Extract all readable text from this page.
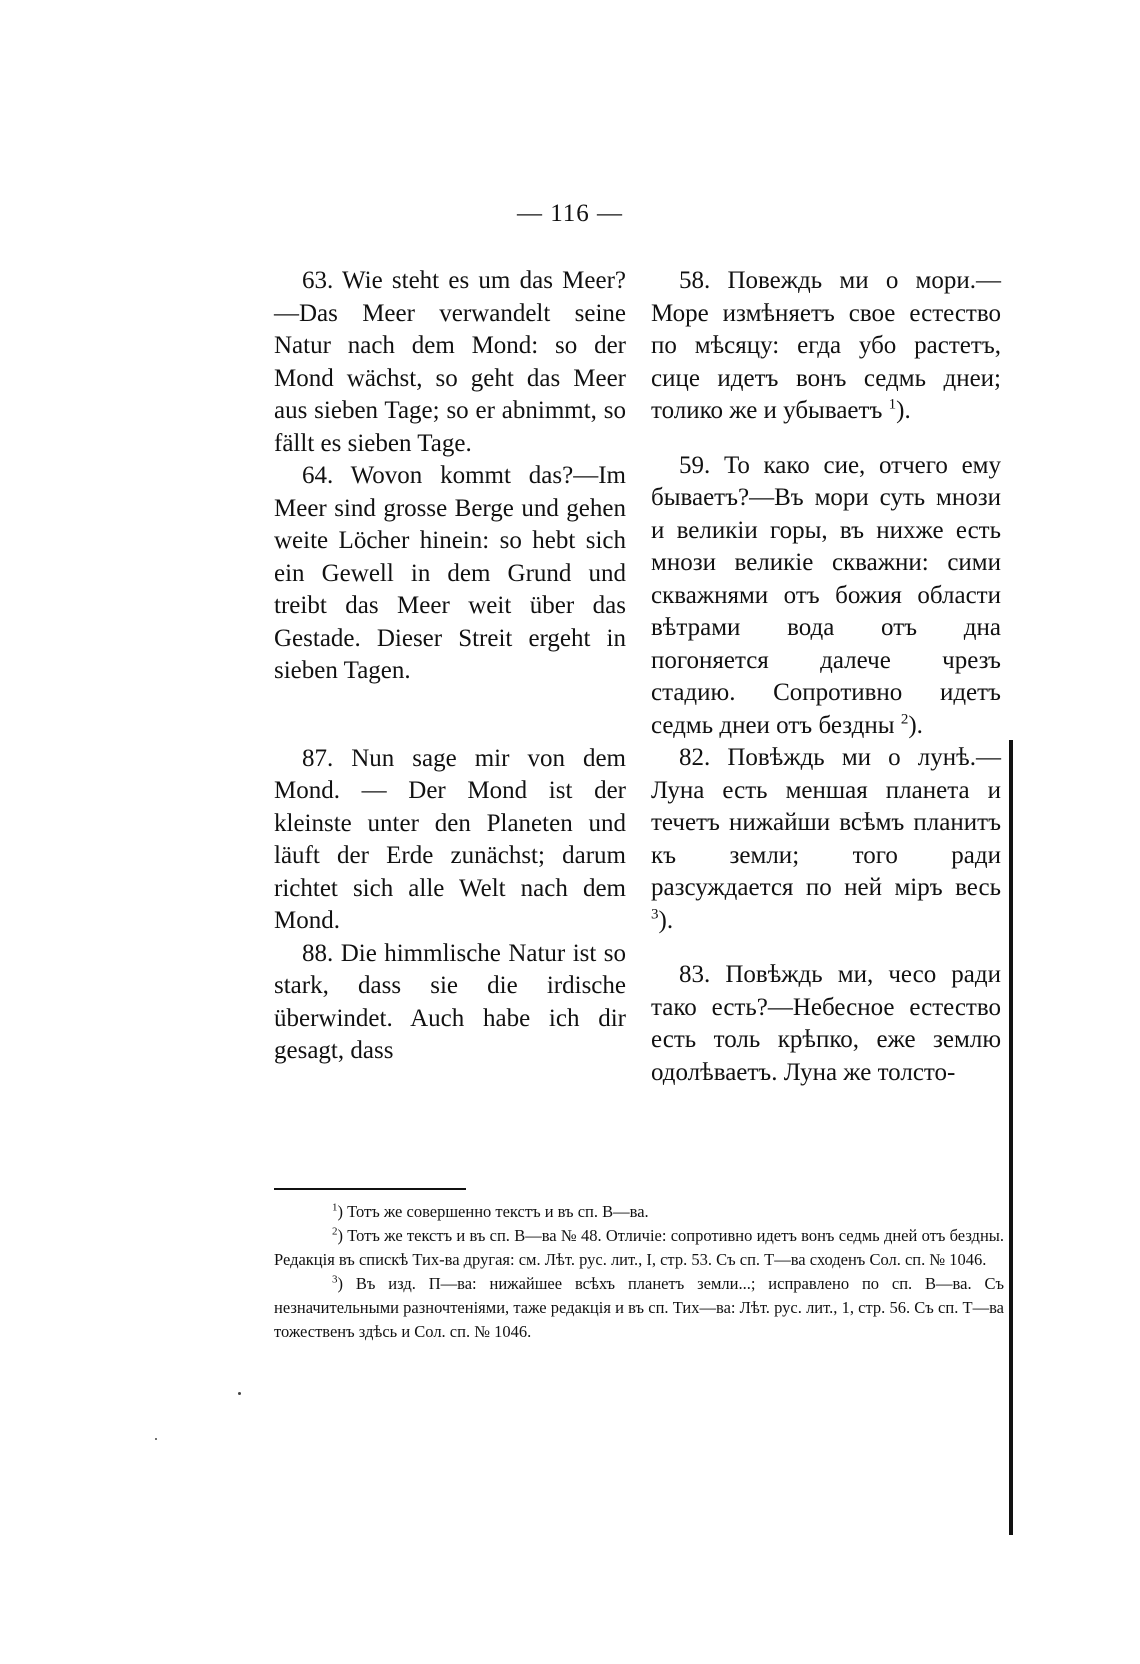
— 116 —

63. Wie steht es um das Meer?—Das Meer verwandelt seine Natur nach dem Mond: so der Mond wächst, so geht das Meer aus sieben Tage; so er abnimmt, so fällt es sieben Tage.

64. Wovon kommt das?—Im Meer sind grosse Berge und gehen weite Löcher hinein: so hebt sich ein Gewell in dem Grund und treibt das Meer weit über das Gestade. Dieser Streit ergeht in sieben Tagen.

87. Nun sage mir von dem Mond. — Der Mond ist der kleinste unter den Planeten und läuft der Erde zunächst; darum richtet sich alle Welt nach dem Mond.

88. Die himmlische Natur ist so stark, dass sie die irdische überwindet. Auch habe ich dir gesagt, dass

58. Повеждь ми о мори.—Море измѣняетъ свое естество по мѣсяцу: егда убо растетъ, сице идетъ вонъ седмь днеи; толико же и убываетъ $^1$).

59. То како сие, отчего ему бываетъ?—Въ мори суть мнози и великiи горы, въ нихже есть мнози великiе скважни: сими скважнями отъ божия области вѣтрами вода отъ дна погоняется далече чрезъ стадию. Сопротивно идетъ седмь днеи отъ бездны $^2$).

82. Повѣждь ми о лунѣ.—Луна есть меншая планета и течетъ нижайши всѣмъ планитъ къ земли; того ради разсуждается по ней мiръ весь $^3$).

83. Повѣждь ми, чесо ради тако есть?—Небесное естество есть толь крѣпко, еже землю одолѣваетъ. Луна же толсто-

$^1$) Тотъ же совершенно текстъ и въ сп. В—ва.

$^2$) Тотъ же текстъ и въ сп. В—ва № 48. Отличiе: сопротивно идетъ вонъ седмь дней отъ бездны. Редакцiя въ спискѣ Тих-ва другая: см. Лѣт. рус. лит., I, стр. 53. Съ сп. Т—ва сходенъ Сол. сп. № 1046.

$^3$) Въ изд. П—ва: нижайшее всѣхъ планетъ земли...; исправлено по сп. В—ва. Съ незначительными разночтенiями, таже редакцiя и въ сп. Тих—ва: Лѣт. рус. лит., 1, стр. 56. Съ сп. Т—ва тожественъ здѣсь и Сол. сп. № 1046.
